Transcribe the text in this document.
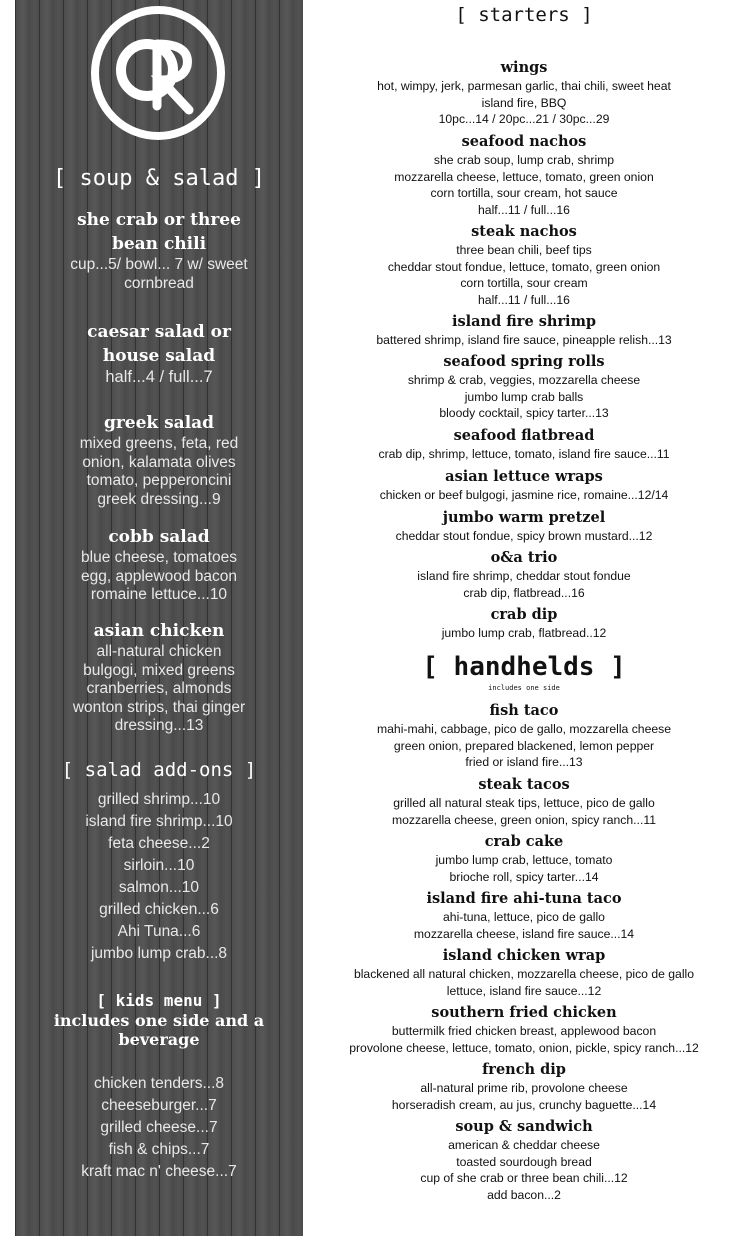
[ soup & salad ]
she crab or three bean chili
cup...5/ bowl... 7 w/ sweet
cornbread
caesar salad or house salad
half...4 / full...7
greek salad
mixed greens, feta, red
onion, kalamata olives
tomato, pepperoncini
greek dressing...9
cobb salad
blue cheese, tomatoes
egg, applewood bacon
romaine lettuce...10
asian chicken
all-natural chicken
bulgogi, mixed greens
cranberries, almonds
wonton strips, thai ginger
dressing...13
[ salad add-ons ]
grilled shrimp...10
island fire shrimp...10
feta cheese...2
sirloin...10
salmon...10
grilled chicken...6
Ahi Tuna...6
jumbo lump crab...8
[ kids menu ]
includes one side and a beverage
chicken tenders...8
cheeseburger...7
grilled cheese...7
fish & chips...7
kraft mac n' cheese...7
[ starters ]
wings
hot, wimpy, jerk, parmesan garlic, thai chili, sweet heat
island fire, BBQ
10pc...14 / 20pc...21 / 30pc...29
seafood nachos
she crab soup, lump crab, shrimp
mozzarella cheese, lettuce, tomato, green onion
corn tortilla, sour cream, hot sauce
half...11 / full...16
steak nachos
three bean chili, beef tips
cheddar stout fondue, lettuce, tomato, green onion
corn tortilla, sour cream
half...11 / full...16
island fire shrimp
battered shrimp, island fire sauce, pineapple relish...13
seafood spring rolls
shrimp & crab, veggies, mozzarella cheese
jumbo lump crab balls
bloody cocktail, spicy tarter...13
seafood flatbread
crab dip, shrimp, lettuce, tomato, island fire sauce...11
asian lettuce wraps
chicken or beef bulgogi, jasmine rice, romaine...12/14
jumbo warm pretzel
cheddar stout fondue, spicy brown mustard...12
o&a trio
island fire shrimp, cheddar stout fondue
crab dip, flatbread...16
crab dip
jumbo lump crab, flatbread..12
[ handhelds ]
includes one side
fish taco
mahi-mahi, cabbage, pico de gallo, mozzarella cheese
green onion, prepared blackened, lemon pepper
fried or island fire...13
steak tacos
grilled all natural steak tips, lettuce, pico de gallo
mozzarella cheese, green onion, spicy ranch...11
crab cake
jumbo lump crab, lettuce, tomato
brioche roll, spicy tarter...14
island fire ahi-tuna taco
ahi-tuna, lettuce, pico de gallo
mozzarella cheese, island fire sauce...14
island chicken wrap
blackened all natural chicken, mozzarella cheese, pico de gallo
lettuce, island fire sauce...12
southern fried chicken
buttermilk fried chicken breast, applewood bacon
provolone cheese, lettuce, tomato, onion, pickle, spicy ranch...12
french dip
all-natural prime rib, provolone cheese
horseradish cream, au jus, crunchy baguette...14
soup & sandwich
american & cheddar cheese
toasted sourdough bread
cup of she crab or three bean chili...12
add bacon...2
